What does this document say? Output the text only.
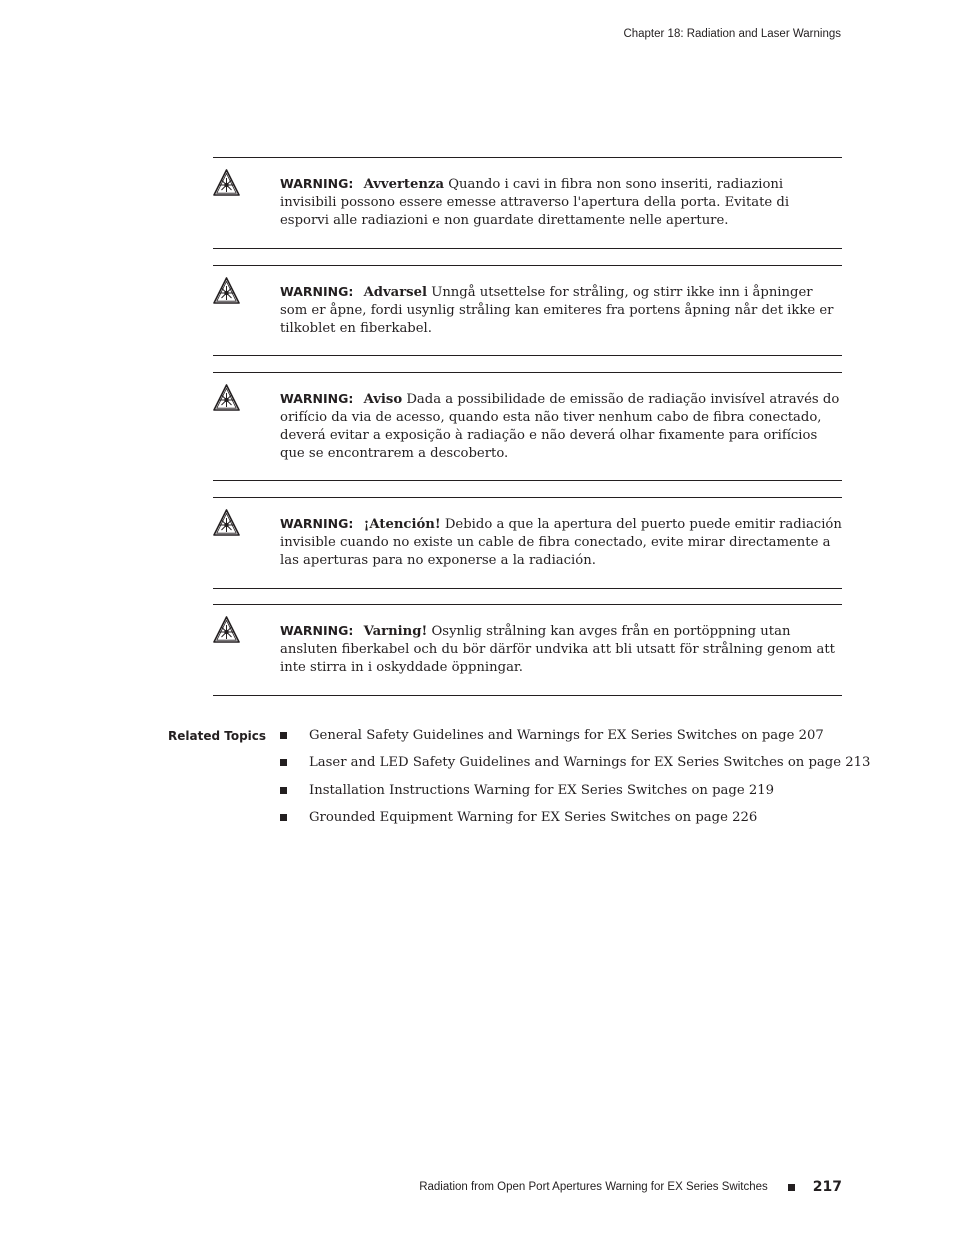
Chapter 18: Radiation and Laser Warnings
WARNING: Avvertenza Quando i cavi in fibra non sono inseriti, radiazioni invisibili possono essere emesse attraverso l'apertura della porta. Evitate di esporvi alle radiazioni e non guardate direttamente nelle aperture.
WARNING: Advarsel Unngå utsettelse for stråling, og stirr ikke inn i åpninger som er åpne, fordi usynlig stråling kan emiteres fra portens åpning når det ikke er tilkoblet en fiberkabel.
WARNING: Aviso Dada a possibilidade de emissão de radiação invisível através do orifício da via de acesso, quando esta não tiver nenhum cabo de fibra conectado, deverá evitar a exposição à radiação e não deverá olhar fixamente para orifícios que se encontrarem a descoberto.
WARNING: ¡Atención! Debido a que la apertura del puerto puede emitir radiación invisible cuando no existe un cable de fibra conectado, evite mirar directamente a las aperturas para no exponerse a la radiación.
WARNING: Varning! Osynlig strålning kan avges från en portöppning utan ansluten fiberkabel och du bör därför undvika att bli utsatt för strålning genom att inte stirra in i oskyddade öppningar.
Related Topics	General Safety Guidelines and Warnings for EX Series Switches on page 207
Laser and LED Safety Guidelines and Warnings for EX Series Switches on page 213
Installation Instructions Warning for EX Series Switches on page 219
Grounded Equipment Warning for EX Series Switches on page 226
Radiation from Open Port Apertures Warning for EX Series Switches	217
